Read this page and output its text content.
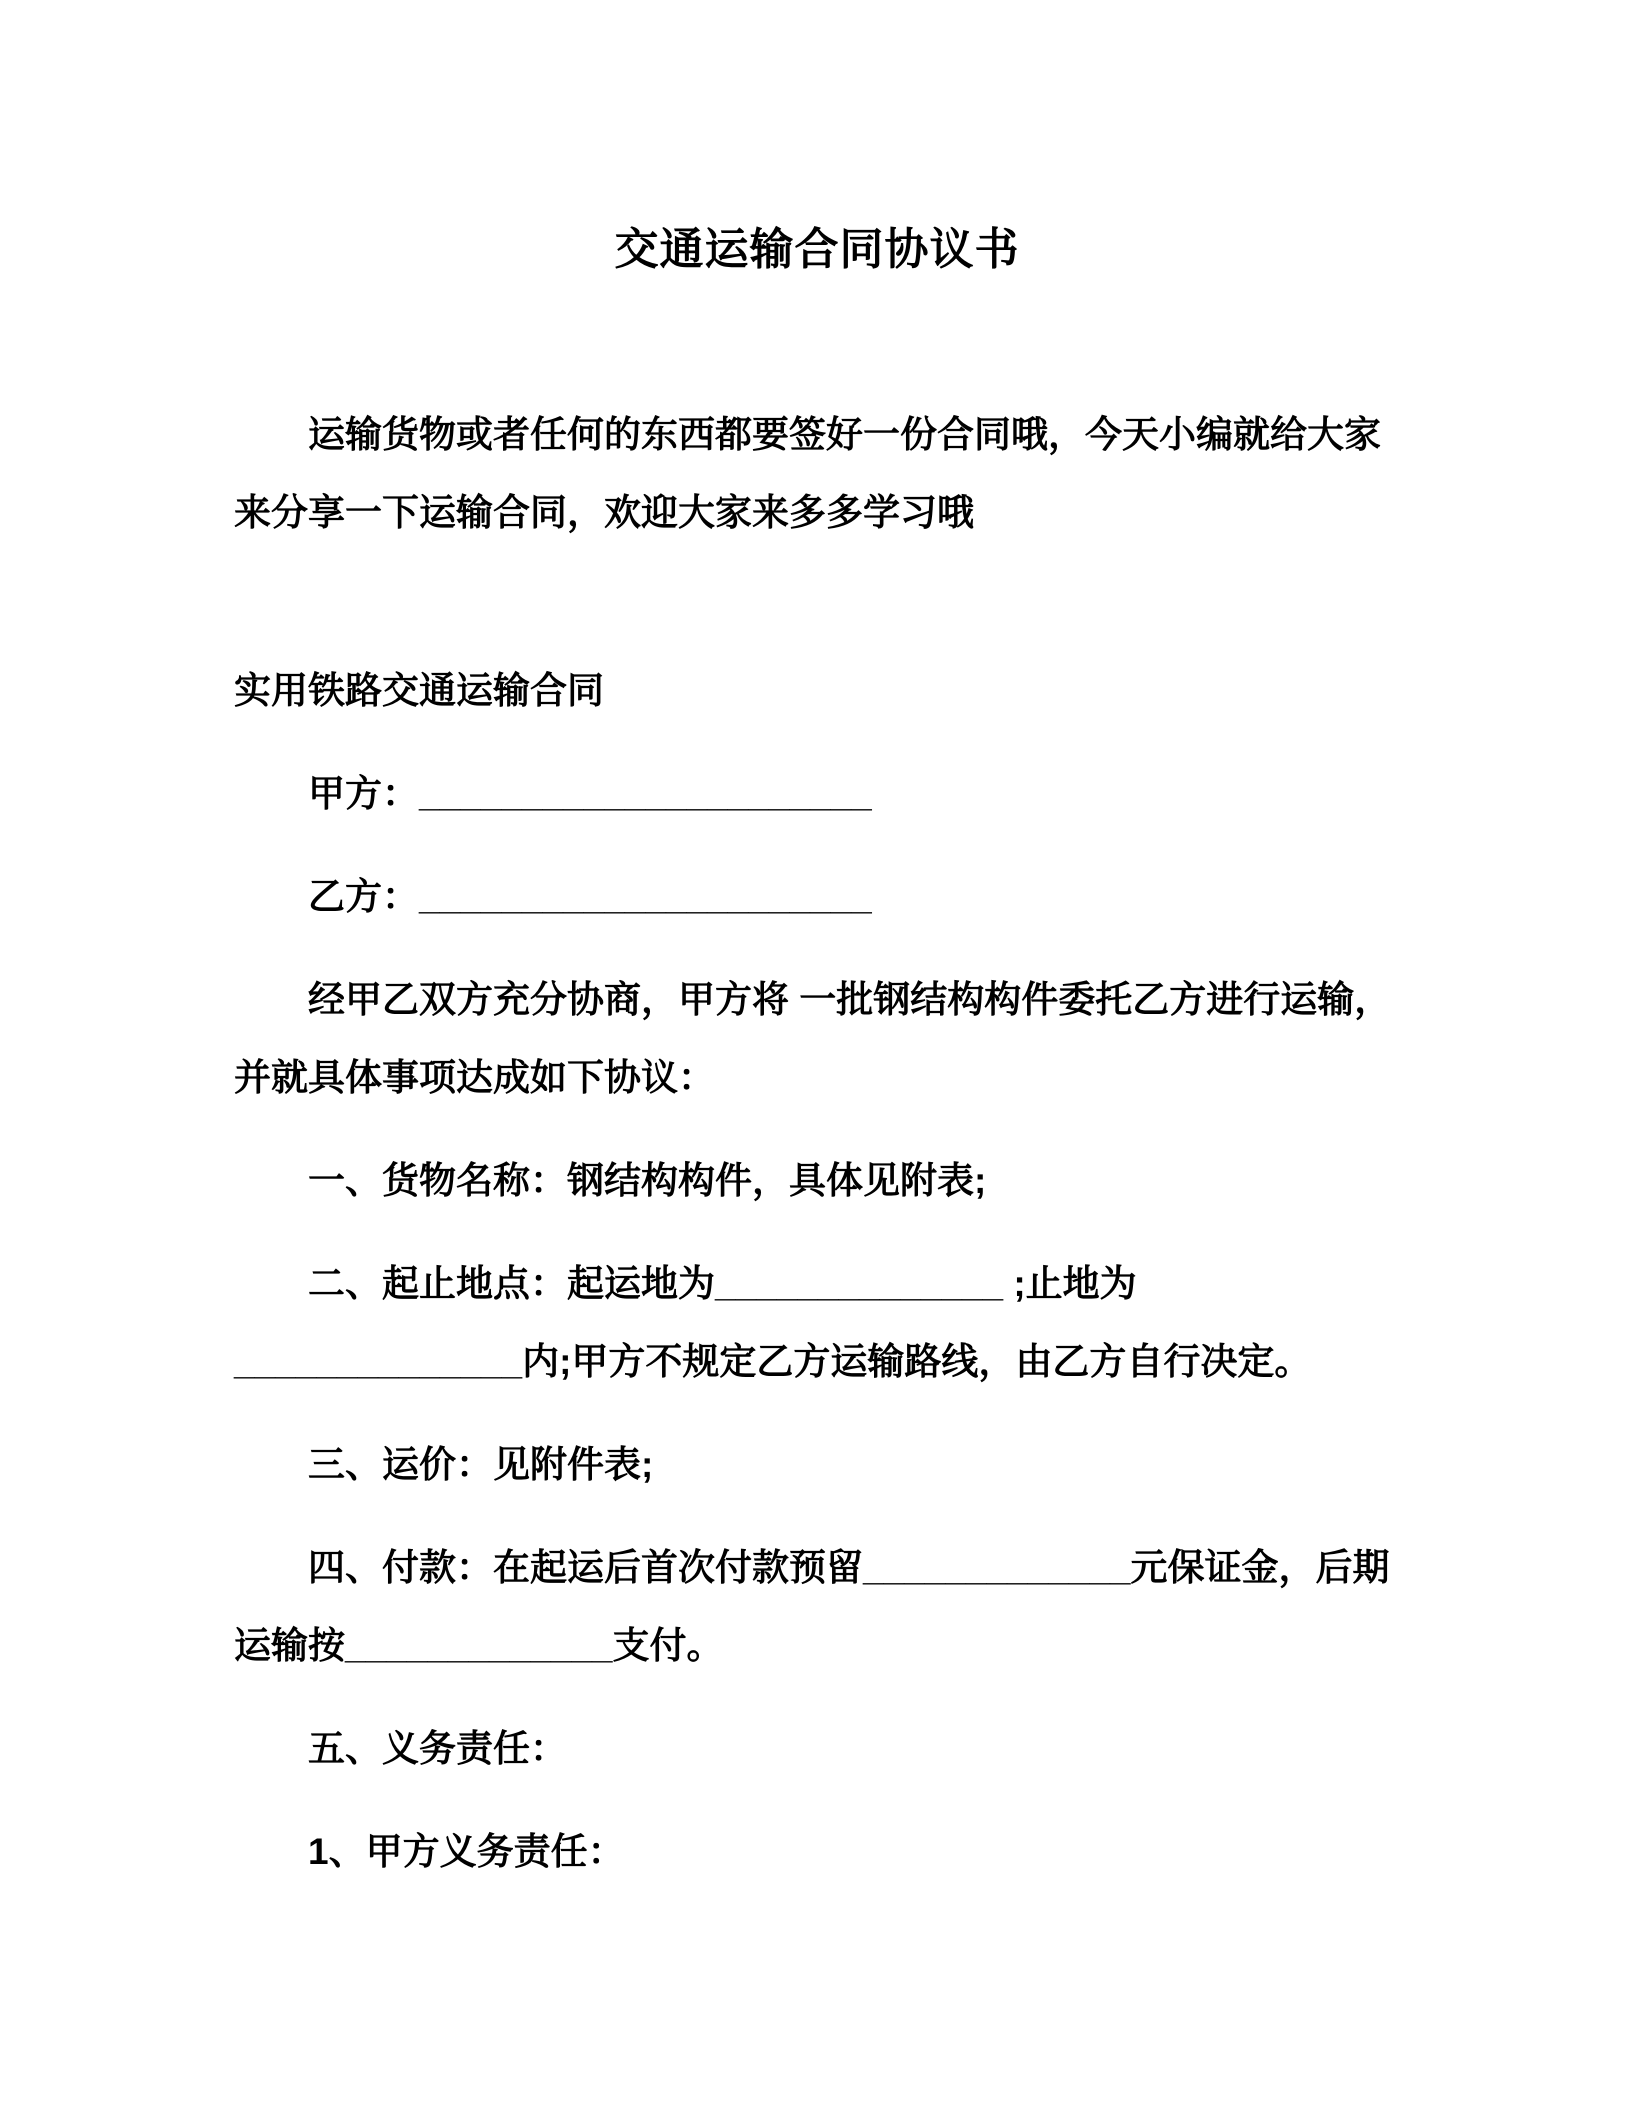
交通运输合同协议书

运输货物或者任何的东西都要签好一份合同哦，今天小编就给大家来分享一下运输合同，欢迎大家来多多学习哦

实用铁路交通运输合同

甲方：______________________

乙方：______________________

经甲乙双方充分协商，甲方将 一批钢结构构件委托乙方进行运输，并就具体事项达成如下协议：

一、货物名称：钢结构构件，具体见附表;

二、起止地点：起运地为______________ ;止地为______________内;甲方不规定乙方运输路线，由乙方自行决定。

三、运价：见附件表;

四、付款：在起运后首次付款预留_____________元保证金，后期运输按_____________支付。

五、义务责任：

1、甲方义务责任：
